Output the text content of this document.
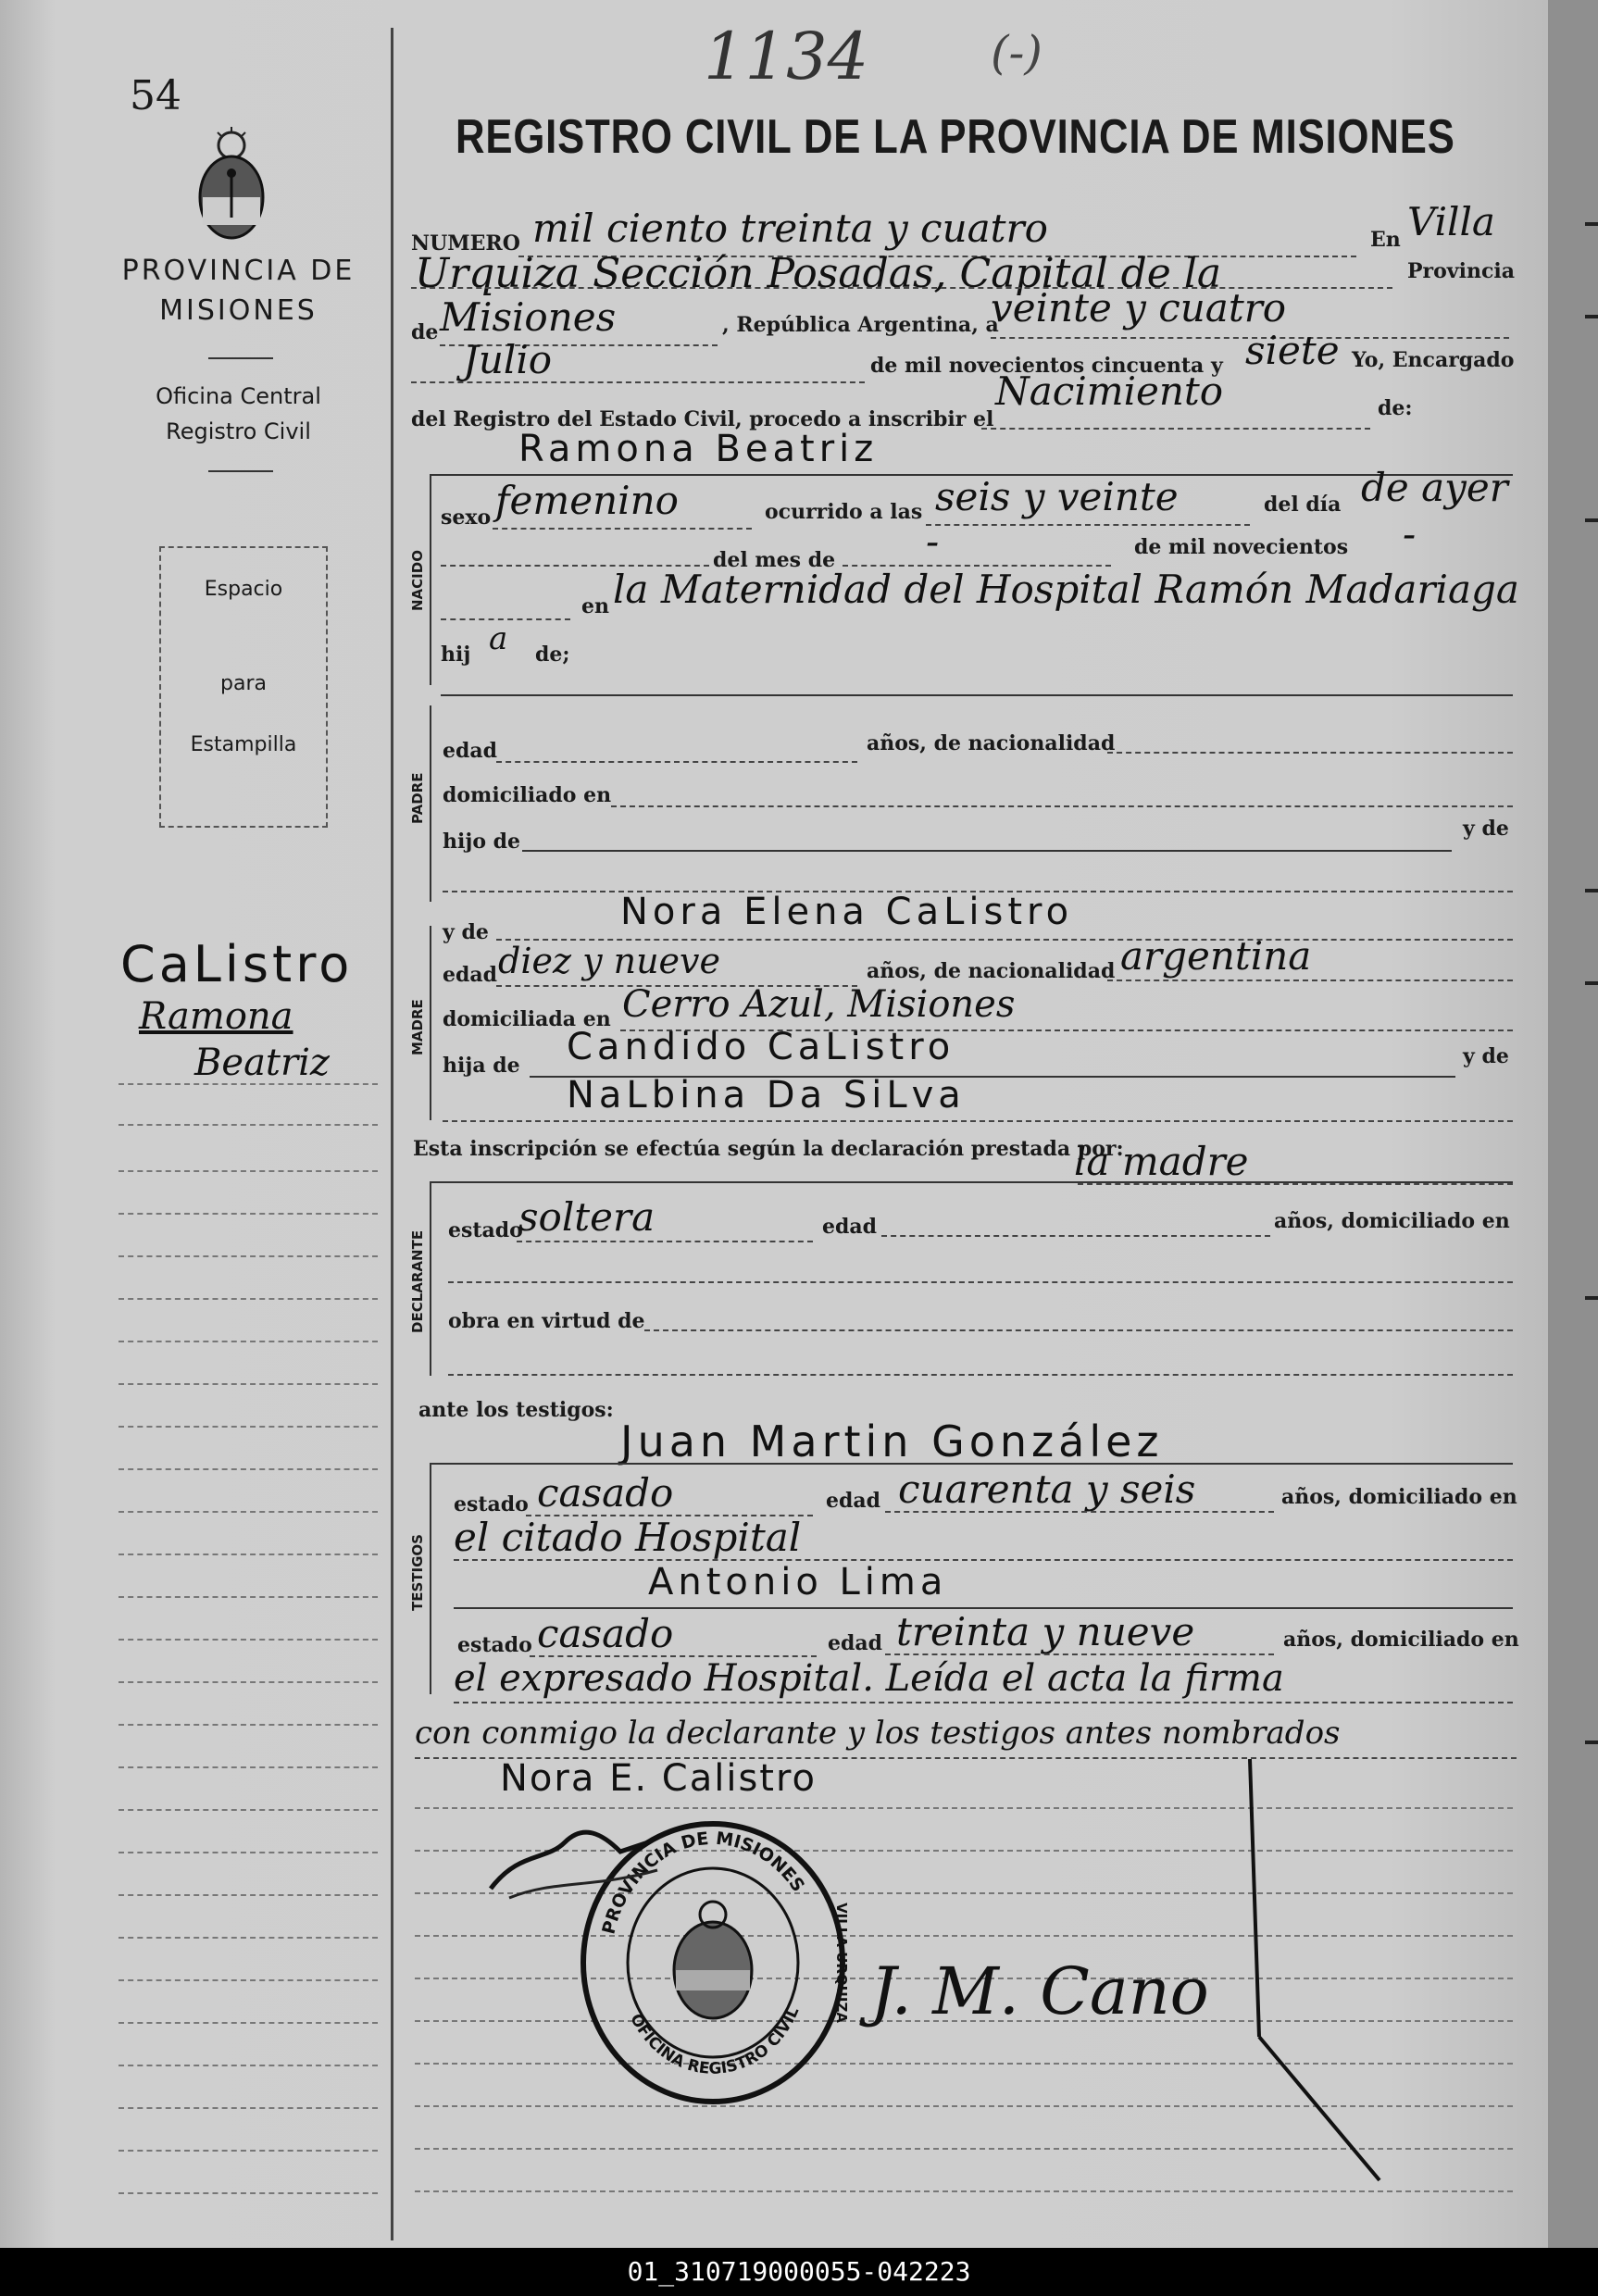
54
PROVINCIA DE
MISIONES
Oficina Central
Registro Civil
Espacio
para
Estampilla
CaListro
Ramona
Beatriz
1134	(-)
REGISTRO CIVIL DE LA PROVINCIA DE MISIONES
NUMERO mil ciento treinta y cuatro	En Villa
Urquiza Sección Posadas, Capital de la	Provincia
de Misiones	, República Argentina, a
veinte y cuatro
Julio	de mil novecientos cincuenta y siete Yo, Encargado
del Registro del Estado Civil, procedo a inscribir el
Nacimiento	de:
Ramona Beatriz
NACIDO
sexo femenino	ocurrido a las seis y veinte	del día de ayer
del mes de -	de mil novecientos -
en la Maternidad del Hospital Ramón Madariaga
hij a de;
PADRE
edad	años, de nacionalidad
domiciliado en
hijo de
y de
y de	Nora Elena CaListro
MADRE
edad diez y nueve	años, de nacionalidad argentina
domiciliada en Cerro Azul, Misiones
hija de Candido CaListro	y de
NaLbina Da SiLva
Esta inscripción se efectúa según la declaración prestada por:
la madre
DECLARANTE estado
soltera	edad	años, domiciliado en
obra en virtud de
ante los testigos:
Juan Martin González
TESTIGOS
estado casado	edad cuarenta y seis	años, domiciliado en
el citado Hospital
Antonio Lima
estado casado	edad treinta y nueve	años, domiciliado en
el expresado Hospital. Leída el acta la firma
con conmigo la declarante y los testigos antes nombrados
Nora E. Calistro
PROVINCIA DE MISIONES
OFICINA REGISTRO CIVIL VILLA URQUIZA J. M. Cano
01_310719000055-042223
